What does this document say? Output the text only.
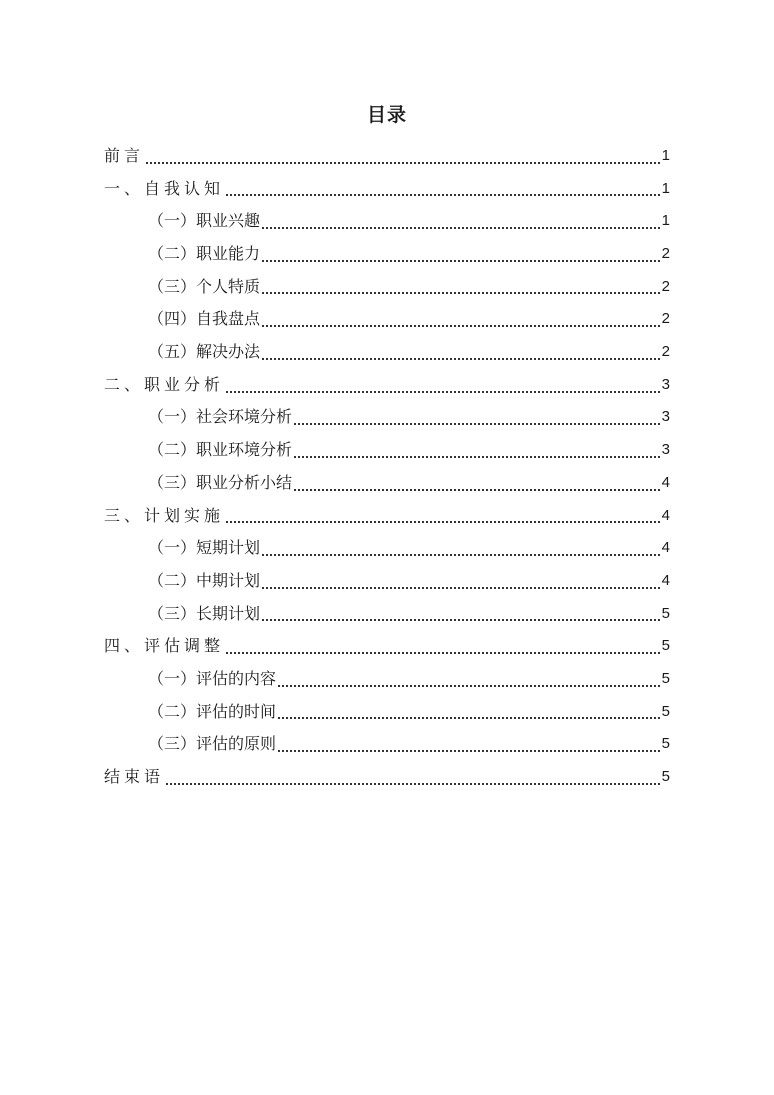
目录
前言	1
一、自我认知	1
（一）职业兴趣	1
（二）职业能力	2
（三）个人特质	2
（四）自我盘点	2
（五）解决办法	2
二、职业分析	3
（一）社会环境分析	3
（二）职业环境分析	3
（三）职业分析小结	4
三、计划实施	4
（一）短期计划	4
（二）中期计划	4
（三）长期计划	5
四、评估调整	5
（一）评估的内容	5
（二）评估的时间	5
（三）评估的原则	5
结束语	5
